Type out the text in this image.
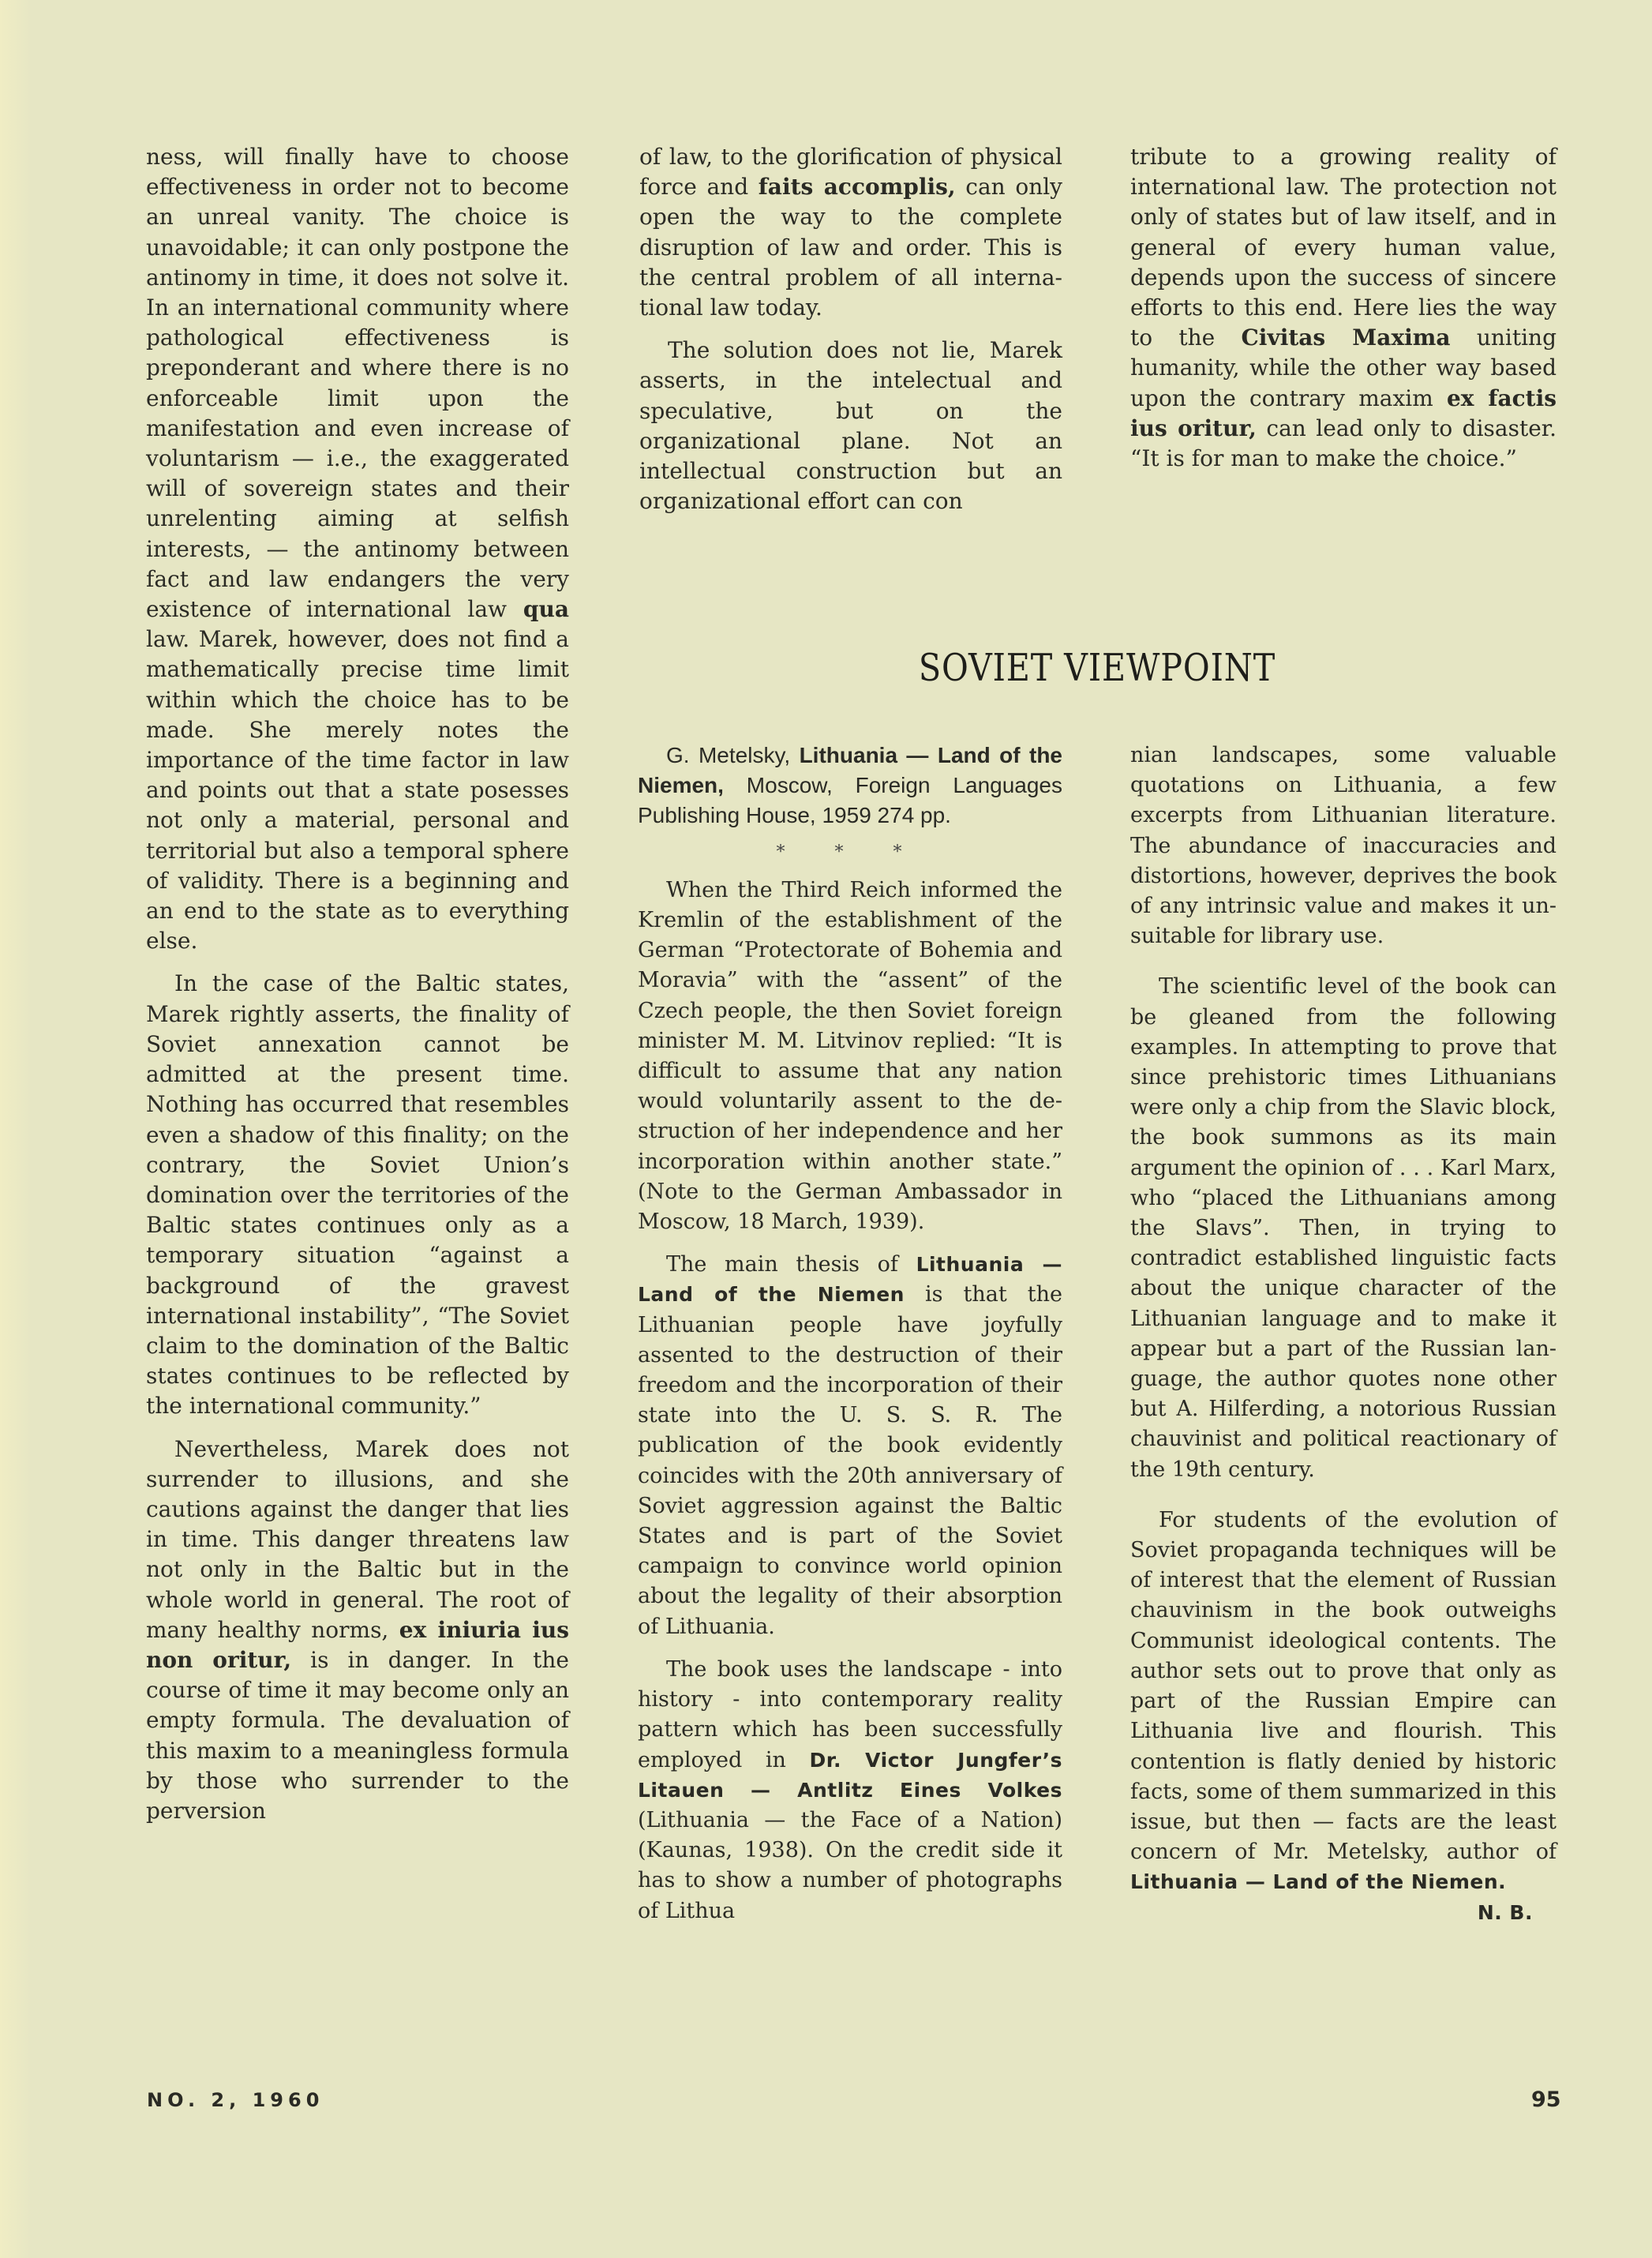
ness, will finally have to choose effectiveness in order not to become an unreal vanity. The choice is unavoidable; it can only postpone the antinomy in time, it does not solve it. In an international community where pathological effectiveness is preponderant and where there is no enforceable limit upon the manifestation and even increase of voluntarism — i.e., the exaggerated will of sovereign states and their unrelenting aiming at selfish interests, — the antinomy between fact and law endangers the very existence of international law qua law. Marek, however, does not find a mathematically precise time limit within which the choice has to be made. She merely notes the importance of the time factor in law and points out that a state posesses not only a material, personal and territorial but also a temporal sphere of validity. There is a beginning and an end to the state as to everything else.

In the case of the Baltic states, Marek rightly asserts, the finality of Soviet annexation cannot be admitted at the present time. Nothing has occurred that resembles even a shadow of this finality; on the contrary, the Soviet Union’s domination over the territories of the Baltic states continues only as a temporary situation “against a background of the gravest international instability”, “The Soviet claim to the domination of the Baltic states continues to be reflected by the international community.”

Nevertheless, Marek does not surrender to illusions, and she cautions against the danger that lies in time. This danger threatens law not only in the Baltic but in the whole world in general. The root of many healthy norms, ex iniuria ius non oritur, is in danger. In the course of time it may become only an empty formula. The devaluation of this maxim to a meaningless formula by those who surrender to the perversion

of law, to the glorification of physical force and faits accomplis, can only open the way to the complete disruption of law and order. This is the central problem of all international law today.

The solution does not lie, Marek asserts, in the intelectual and speculative, but on the organizational plane. Not an intellectual construction but an organizational effort can con

tribute to a growing reality of international law. The protection not only of states but of law itself, and in general of every human value, depends upon the success of sincere efforts to this end. Here lies the way to the Civitas Maxima uniting humanity, while the other way based upon the contrary maxim ex factis ius oritur, can lead only to disaster. “It is for man to make the choice.”

SOVIET VIEWPOINT

G. Metelsky, Lithuania — Land of the Niemen, Moscow, Foreign Languages Publishing House, 1959 274 pp.

* * *

When the Third Reich informed the Kremlin of the establishment of the German “Protectorate of Bohemia and Moravia” with the “assent” of the Czech people, the then Soviet foreign minister M. M. Litvinov replied: “It is difficult to assume that any nation would voluntarily assent to the destruction of her independence and her incorporation within another state.” (Note to the German Ambassador in Moscow, 18 March, 1939).

The main thesis of Lithuania — Land of the Niemen is that the Lithuanian people have joyfully assented to the destruction of their freedom and the incorporation of their state into the U. S. S. R. The publication of the book evidently coincides with the 20th anniversary of Soviet aggression against the Baltic States and is part of the Soviet campaign to convince world opinion about the legality of their absorption of Lithuania.

The book uses the landscape - into history - into contemporary reality pattern which has been successfully employed in Dr. Victor Jungfer’s Litauen — Antlitz Eines Volkes (Lithuania — the Face of a Nation) (Kaunas, 1938). On the credit side it has to show a number of photographs of Lithua

nian landscapes, some valuable quotations on Lithuania, a few excerpts from Lithuanian literature. The abundance of inaccuracies and distortions, however, deprives the book of any intrinsic value and makes it unsuitable for library use.

The scientific level of the book can be gleaned from the following examples. In attempting to prove that since prehistoric times Lithuanians were only a chip from the Slavic block, the book summons as its main argument the opinion of . . . Karl Marx, who “placed the Lithuanians among the Slavs”. Then, in trying to contradict established linguistic facts about the unique character of the Lithuanian language and to make it appear but a part of the Russian language, the author quotes none other but A. Hilferding, a notorious Russian chauvinist and political reactionary of the 19th century.

For students of the evolution of Soviet propaganda techniques will be of interest that the element of Russian chauvinism in the book outweighs Communist ideological contents. The author sets out to prove that only as part of the Russian Empire can Lithuania live and flourish. This contention is flatly denied by historic facts, some of them summarized in this issue, but then — facts are the least concern of Mr. Metelsky, author of Lithuania — Land of the Niemen.

N. B.
NO. 2, 1960	95
